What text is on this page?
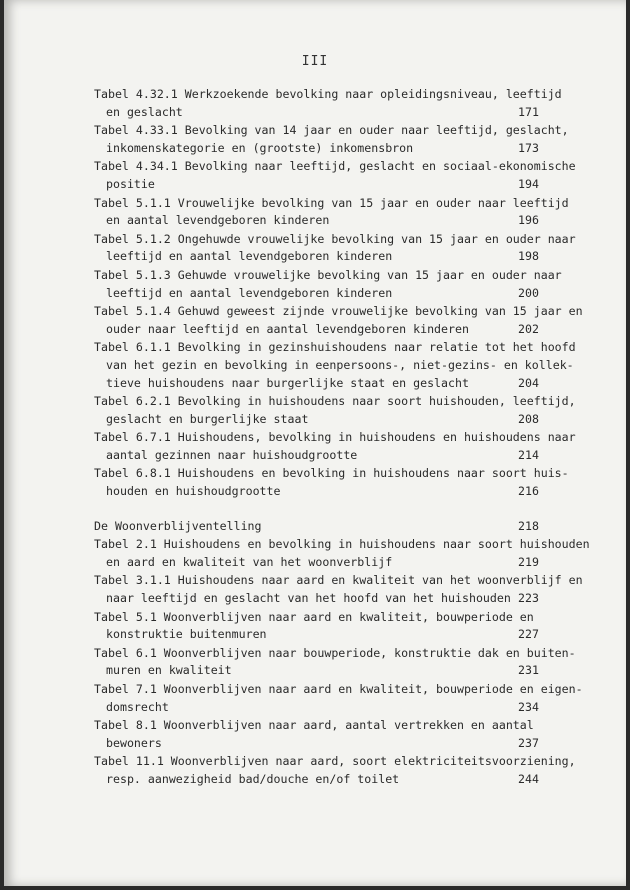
III
Tabel 4.32.1 Werkzoekende bevolking naar opleidingsniveau, leeftijd
en geslacht	171
Tabel 4.33.1 Bevolking van 14 jaar en ouder naar leeftijd, geslacht,
inkomenskategorie en (grootste) inkomensbron	173
Tabel 4.34.1 Bevolking naar leeftijd, geslacht en sociaal-ekonomische
positie	194
Tabel 5.1.1 Vrouwelijke bevolking van 15 jaar en ouder naar leeftijd
en aantal levendgeboren kinderen	196
Tabel 5.1.2 Ongehuwde vrouwelijke bevolking van 15 jaar en ouder naar
leeftijd en aantal levendgeboren kinderen	198
Tabel 5.1.3 Gehuwde vrouwelijke bevolking van 15 jaar en ouder naar
leeftijd en aantal levendgeboren kinderen	200
Tabel 5.1.4 Gehuwd geweest zijnde vrouwelijke bevolking van 15 jaar en
ouder naar leeftijd en aantal levendgeboren kinderen	202
Tabel 6.1.1 Bevolking in gezinshuishoudens naar relatie tot het hoofd
van het gezin en bevolking in eenpersoons-, niet-gezins- en kollek-
tieve huishoudens naar burgerlijke staat en geslacht	204
Tabel 6.2.1 Bevolking in huishoudens naar soort huishouden, leeftijd,
geslacht en burgerlijke staat	208
Tabel 6.7.1 Huishoudens, bevolking in huishoudens en huishoudens naar
aantal gezinnen naar huishoudgrootte	214
Tabel 6.8.1 Huishoudens en bevolking in huishoudens naar soort huis-
houden en huishoudgrootte	216
De Woonverblijventelling	218
Tabel 2.1 Huishoudens en bevolking in huishoudens naar soort huishouden
en aard en kwaliteit van het woonverblijf	219
Tabel 3.1.1 Huishoudens naar aard en kwaliteit van het woonverblijf en
naar leeftijd en geslacht van het hoofd van het huishouden 223
Tabel 5.1 Woonverblijven naar aard en kwaliteit, bouwperiode en
konstruktie buitenmuren	227
Tabel 6.1 Woonverblijven naar bouwperiode, konstruktie dak en buiten-
muren en kwaliteit	231
Tabel 7.1 Woonverblijven naar aard en kwaliteit, bouwperiode en eigen-
domsrecht	234
Tabel 8.1 Woonverblijven naar aard, aantal vertrekken en aantal
bewoners	237
Tabel 11.1 Woonverblijven naar aard, soort elektriciteitsvoorziening,
resp. aanwezigheid bad/douche en/of toilet	244
